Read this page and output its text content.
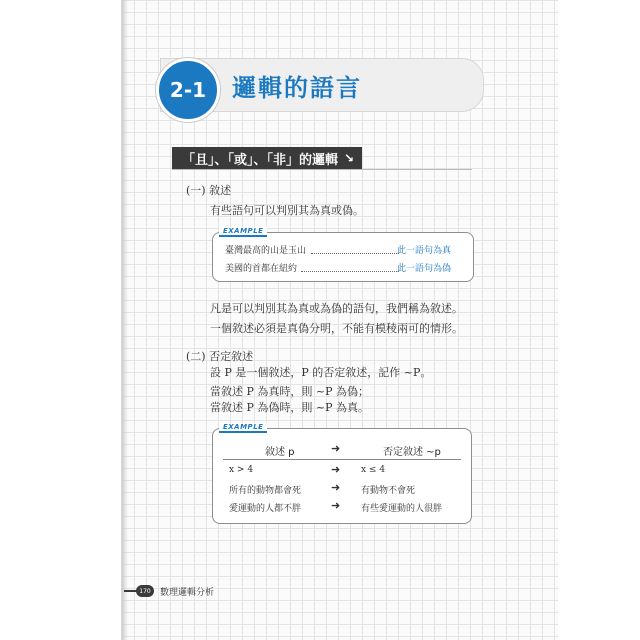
2-1	邏輯的語言
「且」、「或」、「非」的邏輯 ↘
(一) 敘述
有些語句可以判別其為真或偽。
EXAMPLE
臺灣最高的山是玉山	此一語句為真
美國的首都在紐約	此一語句為偽
凡是可以判別其為真或為偽的語句，我們稱為敘述。
一個敘述必須是真偽分明，不能有模稜兩可的情形。
(二) 否定敘述
設 P 是一個敘述，P 的否定敘述，記作 ~P。
當敘述 P 為真時，則 ~P 為偽；
當敘述 P 為偽時，則 ~P 為真。
EXAMPLE
敘述 p	➜	否定敘述 ~p
x > 4	➜ x ≤ 4
所有的動物都會死	➜ 有動物不會死
愛運動的人都不胖	➜ 有些愛運動的人很胖
170	數理邏輯分析
